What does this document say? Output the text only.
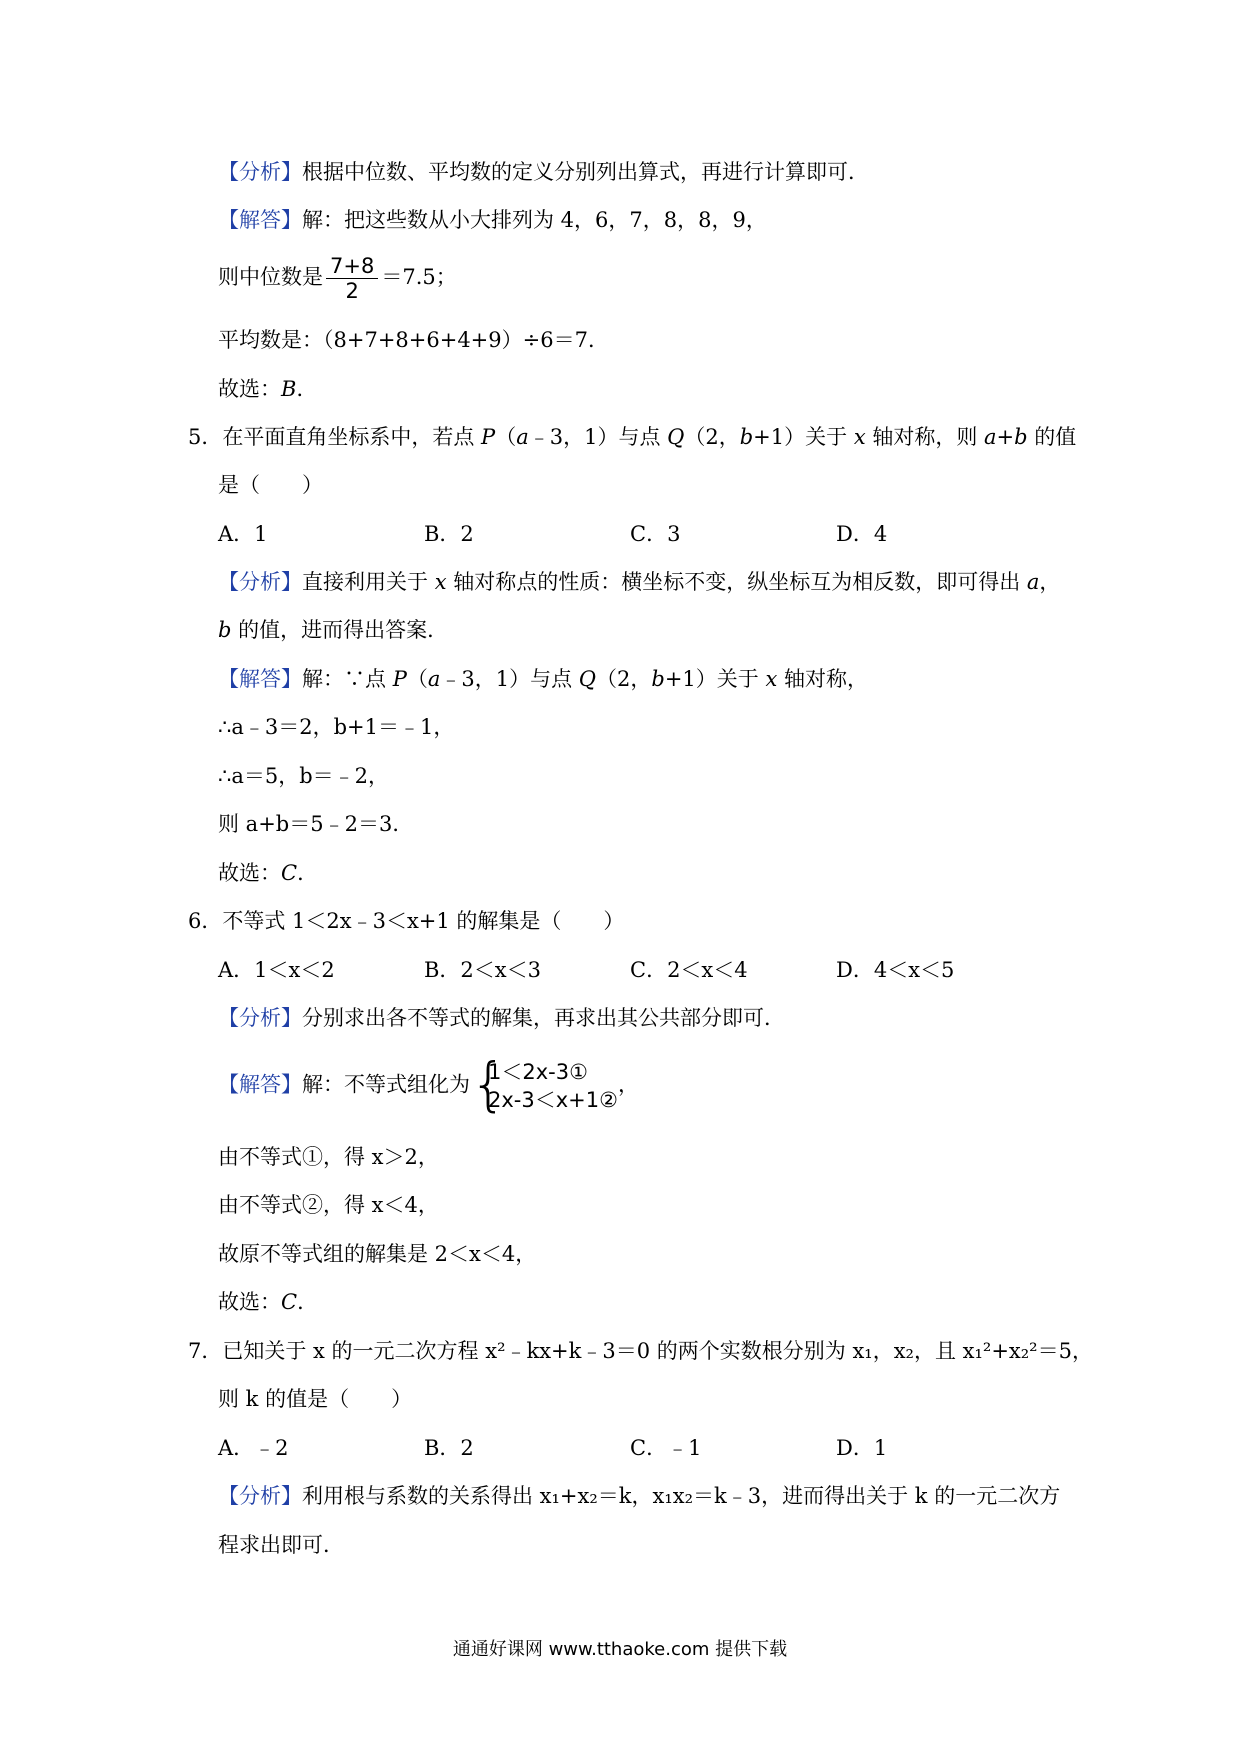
【分析】根据中位数、平均数的定义分别列出算式，再进行计算即可．
【解答】解：把这些数从小大排列为 4，6，7，8，8，9，
则中位数是 $\frac{7+8}{2} =7.5$；
平均数是：（8+7+8+6+4+9）÷6＝7．
故选：B．
5．在平面直角坐标系中，若点 P（a﹣3，1）与点 Q（2，b+1）关于 x 轴对称，则 a+b 的值
是（　　）
A．1	B．2	C．3	D．4
【分析】直接利用关于 x 轴对称点的性质：横坐标不变，纵坐标互为相反数，即可得出 a，
b 的值，进而得出答案．
【解答】解：∵点 P（a﹣3，1）与点 Q（2，b+1）关于 x 轴对称，
∴a﹣3＝2，b+1＝﹣1，
∴a＝5，b＝﹣2，
则 a+b＝5﹣2＝3．
故选：C．
6．不等式 1＜2x﹣3＜x+1 的解集是（　　）
A．1＜x＜2	B．2＜x＜3	C．2＜x＜4	D．4＜x＜5
【分析】分别求出各不等式的解集，再求出其公共部分即可．
【解答】解：不等式组化为 {
1＜2x-3①
2x-3＜x+1②
，
由不等式①，得 x＞2，
由不等式②，得 x＜4，
故原不等式组的解集是 2＜x＜4，
故选：C．
7．已知关于 x 的一元二次方程 x²﹣kx+k﹣3＝0 的两个实数根分别为 x₁，x₂，且 x₁²+x₂²＝5，
则 k 的值是（　　）
A．﹣2	B．2	C．﹣1	D．1
【分析】利用根与系数的关系得出 x₁+x₂＝k，x₁x₂＝k﹣3，进而得出关于 k 的一元二次方
程求出即可．
通通好课网 www.tthaoke.com 提供下载
